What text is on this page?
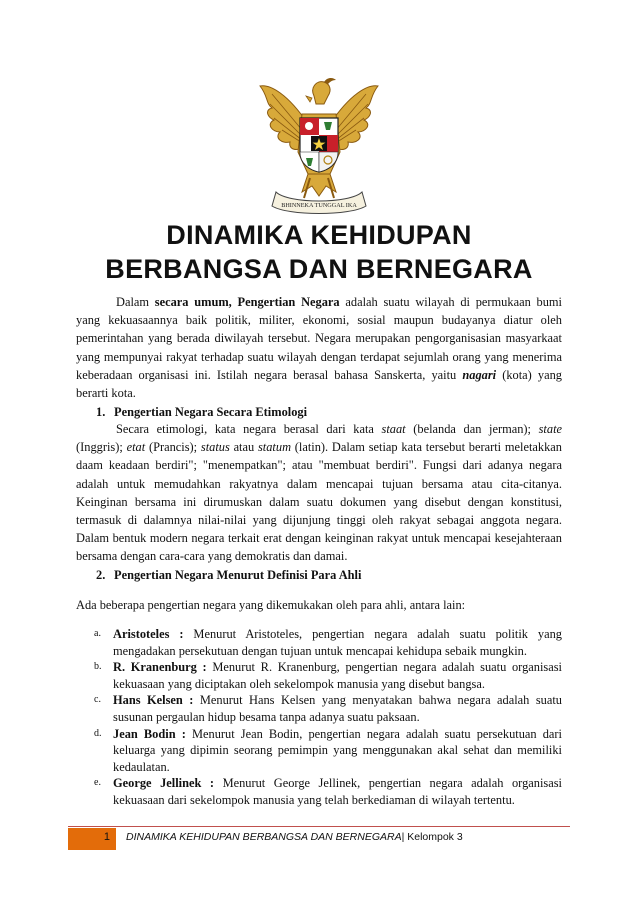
BHINNEKA TUNGGAL IKA
DINAMIKA KEHIDUPAN
BERBANGSA DAN BERNEGARA

Dalam secara umum, Pengertian Negara adalah suatu wilayah di permukaan bumi yang kekuasaannya baik politik, militer, ekonomi, sosial maupun budayanya diatur oleh pemerintahan yang berada diwilayah tersebut. Negara merupakan pengorganisasian masyarkaat yang mempunyai rakyat terhadap suatu wilayah dengan terdapat sejumlah orang yang menerima keberadaan organisasi ini. Istilah negara berasal bahasa Sanskerta, yaitu nagari (kota) yang berarti kota.

1. Pengertian Negara Secara Etimologi

Secara etimologi, kata negara berasal dari kata staat (belanda dan jerman); state (Inggris); etat (Prancis); status atau statum (latin). Dalam setiap kata tersebut berarti meletakkan daam keadaan berdiri"; "menempatkan"; atau "membuat berdiri". Fungsi dari adanya negara adalah untuk memudahkan rakyatnya dalam mencapai tujuan bersama atau cita-citanya. Keinginan bersama ini dirumuskan dalam suatu dokumen yang disebut dengan konstitusi, termasuk di dalamnya nilai-nilai yang dijunjung tinggi oleh rakyat sebagai anggota negara. Dalam bentuk modern negara terkait erat dengan keinginan rakyat untuk mencapai kesejahteraan bersama dengan cara-cara yang demokratis dan damai.

2. Pengertian Negara Menurut Definisi Para Ahli

Ada beberapa pengertian negara yang dikemukakan oleh para ahli, antara lain:

a. Aristoteles : Menurut Aristoteles, pengertian negara adalah suatu politik yang mengadakan persekutuan dengan tujuan untuk mencapai kehidupa sebaik mungkin.
b. R. Kranenburg : Menurut R. Kranenburg, pengertian negara adalah suatu organisasi kekuasaan yang diciptakan oleh sekelompok manusia yang disebut bangsa.
c. Hans Kelsen : Menurut Hans Kelsen yang menyatakan bahwa negara adalah suatu susunan pergaulan hidup besama tanpa adanya suatu paksaan.
d. Jean Bodin : Menurut Jean Bodin, pengertian negara adalah suatu persekutuan dari keluarga yang dipimin seorang pemimpin yang menggunakan akal sehat dan memiliki kedaulatan.
e. George Jellinek : Menurut George Jellinek, pengertian negara adalah organisasi kekuasaan dari sekelompok manusia yang telah berkediaman di wilayah tertentu.
1 DINAMIKA KEHIDUPAN BERBANGSA DAN BERNEGARA| Kelompok 3
